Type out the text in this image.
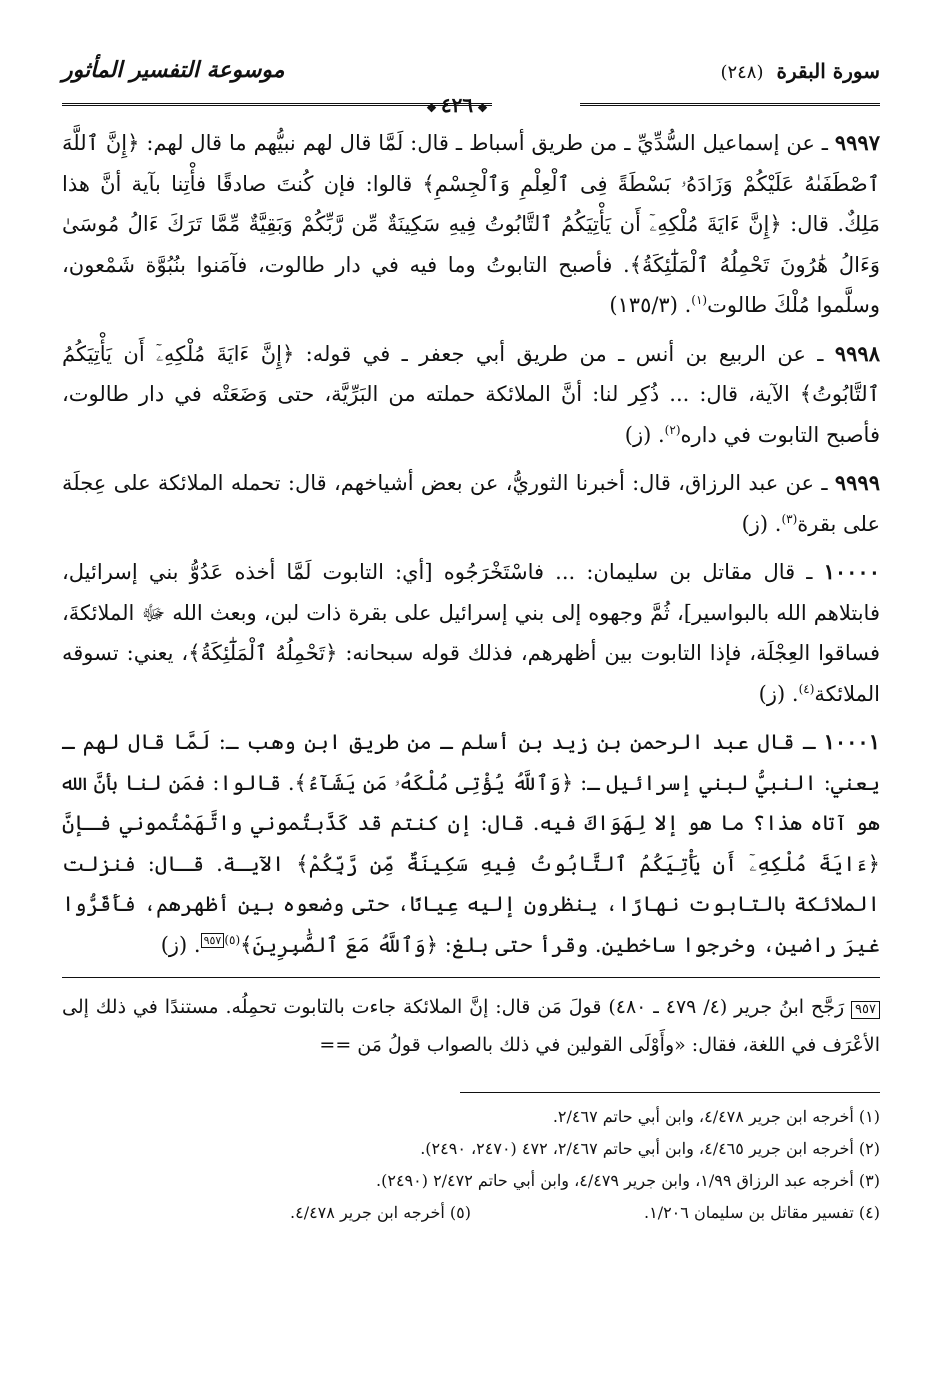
سورة البقرة (٢٤٨)
موسوعة التفسير المأثور
❖٤٢٦❖

٩٩٩٧ ـ عن إسماعيل السُّدِّيِّ ـ من طريق أسباط ـ قال: لَمَّا قال لهم نبيُّهم ما قال لهم: ﴿إِنَّ ٱللَّهَ ٱصْطَفَىٰهُ عَلَيْكُمْ وَزَادَهُۥ بَسْطَةً فِى ٱلْعِلْمِ وَٱلْجِسْمِ﴾ قالوا: فإن كُنتَ صادقًا فأْتِنا بآية أنَّ هذا مَلِكٌ. قال: ﴿إِنَّ ءَايَةَ مُلْكِهِۦٓ أَن يَأْتِيَكُمُ ٱلتَّابُوتُ فِيهِ سَكِينَةٌ مِّن رَّبِّكُمْ وَبَقِيَّةٌ مِّمَّا تَرَكَ ءَالُ مُوسَىٰ وَءَالُ هَٰرُونَ تَحْمِلُهُ ٱلْمَلَٰٓئِكَةُ﴾. فأصبح التابوتُ وما فيه في دار طالوت، فآمَنوا بنُبُوَّة شَمْعون، وسلَّموا مُلْكَ طالوت$^{(١)}$. (١٣٥/٣)

٩٩٩٨ ـ عن الربيع بن أنس ـ من طريق أبي جعفر ـ في قوله: ﴿إِنَّ ءَايَةَ مُلْكِهِۦٓ أَن يَأْتِيَكُمُ ٱلتَّابُوتُ﴾ الآية، قال: ... ذُكِر لنا: أنَّ الملائكة حملته من البَرِّيَّة، حتى وَضَعَتْه في دار طالوت، فأصبح التابوت في داره$^{(٢)}$. (ز)

٩٩٩٩ ـ عن عبد الرزاق، قال: أخبرنا الثوريُّ، عن بعض أشياخهم، قال: تحمله الملائكة على عِجلَة على بقرة$^{(٣)}$. (ز)

١٠٠٠٠ ـ قال مقاتل بن سليمان: ... فاسْتَخْرَجُوه [أي: التابوت لَمَّا أخذه عَدُوُّ بني إسرائيل، فابتلاهم الله بالبواسير]، ثُمَّ وجهوه إلى بني إسرائيل على بقرة ذات لبن، وبعث الله ﷻ الملائكةَ، فساقوا العِجْلَة، فإذا التابوت بين أظهرهم، فذلك قوله سبحانه: ﴿تَحْمِلُهُ ٱلْمَلَٰٓئِكَةُ﴾، يعني: تسوقه الملائكة$^{(٤)}$. (ز)

١٠٠٠١ ـ قال عبد الرحمن بن زيد بن أسلم ـ من طريق ابن وهب ـ: لَمَّا قال لهم ـ يعني: النبيُّ لبني إسرائيل ـ: ﴿وَٱللَّهُ يُؤْتِى مُلْكَهُۥ مَن يَشَآءُ﴾. قالوا: فمَن لنا بأنَّ الله هو آتاه هذا؟ ما هو إلا لِهَوَاكَ فيه. قال: إن كنتم قد كَذَّبتُموني واتَّهَمْتُموني فـإنَّ ﴿ءَايَةَ مُلْكِهِۦٓ أَن يَأْتِيَكُمُ ٱلتَّابُوتُ فِيهِ سَكِينَةٌ مِّن رَّبِّكُمْ﴾ الآيـة. قـال: فنزلت الملائكة بالتابوت نهارًا، ينظرون إليه عِيانًا، حتى وضعوه بين أظهرهم، فأَقَرُّوا غيرَ راضين، وخرجوا ساخطين. وقرأ حتى بلغ: ﴿وَٱللَّهُ مَعَ ٱلصَّٰبِرِينَ﴾$^{(٥)}$٩٥٧. (ز)

٩٥٧ رَجَّح ابنُ جرير (٤/ ٤٧٩ ـ ٤٨٠) قولَ مَن قال: إنَّ الملائكة جاءت بالتابوت تحمِلُه. مستندًا في ذلك إلى الأعْرَف في اللغة، فقال: «وأَوْلَى القولين في ذلك بالصواب قولُ مَن ==
(١) أخرجه ابن جرير ٤/٤٧٨، وابن أبي حاتم ٢/٤٦٧.
(٢) أخرجه ابن جرير ٤/٤٦٥، وابن أبي حاتم ٢/٤٦٧، ٤٧٢ (٢٤٧٠، ٢٤٩٠).
(٣) أخرجه عبد الرزاق ١/٩٩، وابن جرير ٤/٤٧٩، وابن أبي حاتم ٢/٤٧٢ (٢٤٩٠).
(٤) تفسير مقاتل بن سليمان ١/٢٠٦.
(٥) أخرجه ابن جرير ٤/٤٧٨.
